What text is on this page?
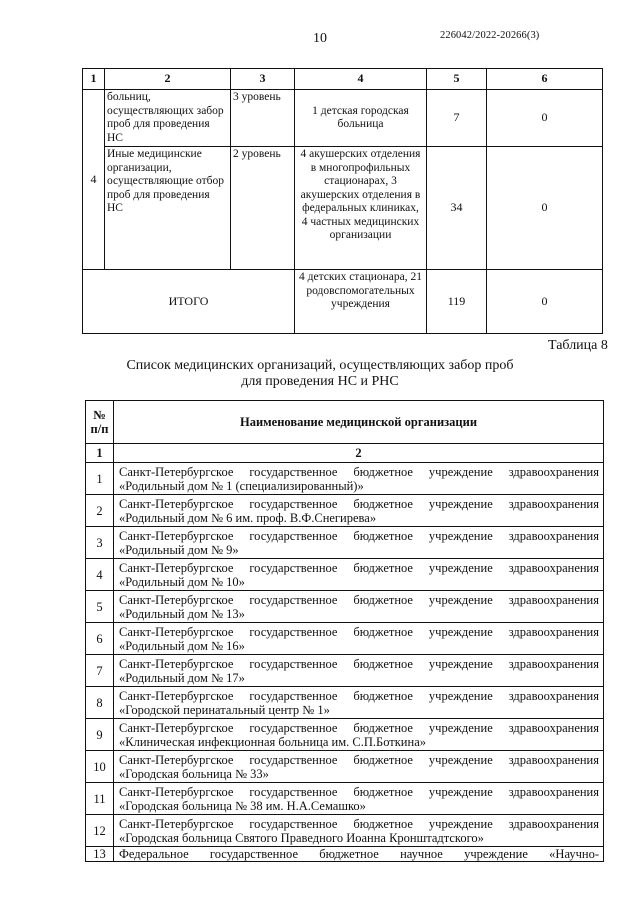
10	226042/2022-20266(3)
1	2	3	4	5	6
4	больниц, осуществляющих забор проб для проведения НС	3 уровень	1 детская городская больница	7	0
	Иные медицинские организации, осуществляющие отбор проб для проведения НС	2 уровень	4 акушерских отделения в многопрофильных стационарах, 3 акушерских отделения в федеральных клиниках, 4 частных медицинских организации	34	0
ИТОГО			4 детских стационара, 21 родовспомогательных учреждения	119	0
Таблица 8
Список медицинских организаций, осуществляющих забор проб
для проведения НС и РНС
№ п/п	Наименование медицинской организации
1	2
1	Санкт-Петербургское государственное бюджетное учреждение здравоохранения
«Родильный дом № 1 (специализированный)»

2	Санкт-Петербургское государственное бюджетное учреждение здравоохранения
«Родильный дом № 6 им. проф. В.Ф.Снегирева»

3	Санкт-Петербургское государственное бюджетное учреждение здравоохранения
«Родильный дом № 9»

4	Санкт-Петербургское государственное бюджетное учреждение здравоохранения
«Родильный дом № 10»

5	Санкт-Петербургское государственное бюджетное учреждение здравоохранения
«Родильный дом № 13»

6	Санкт-Петербургское государственное бюджетное учреждение здравоохранения
«Родильный дом № 16»

7	Санкт-Петербургское государственное бюджетное учреждение здравоохранения
«Родильный дом № 17»

8	Санкт-Петербургское государственное бюджетное учреждение здравоохранения
«Городской перинатальный центр № 1»

9	Санкт-Петербургское государственное бюджетное учреждение здравоохранения
«Клиническая инфекционная больница им. С.П.Боткина»

10	Санкт-Петербургское государственное бюджетное учреждение здравоохранения
«Городская больница № 33»

11	Санкт-Петербургское государственное бюджетное учреждение здравоохранения
«Городская больница № 38 им. Н.А.Семашко»

12	Санкт-Петербургское государственное бюджетное учреждение здравоохранения
«Городская больница Святого Праведного Иоанна Кронштадтского»

13	Федеральное государственное бюджетное научное учреждение «Научно-
